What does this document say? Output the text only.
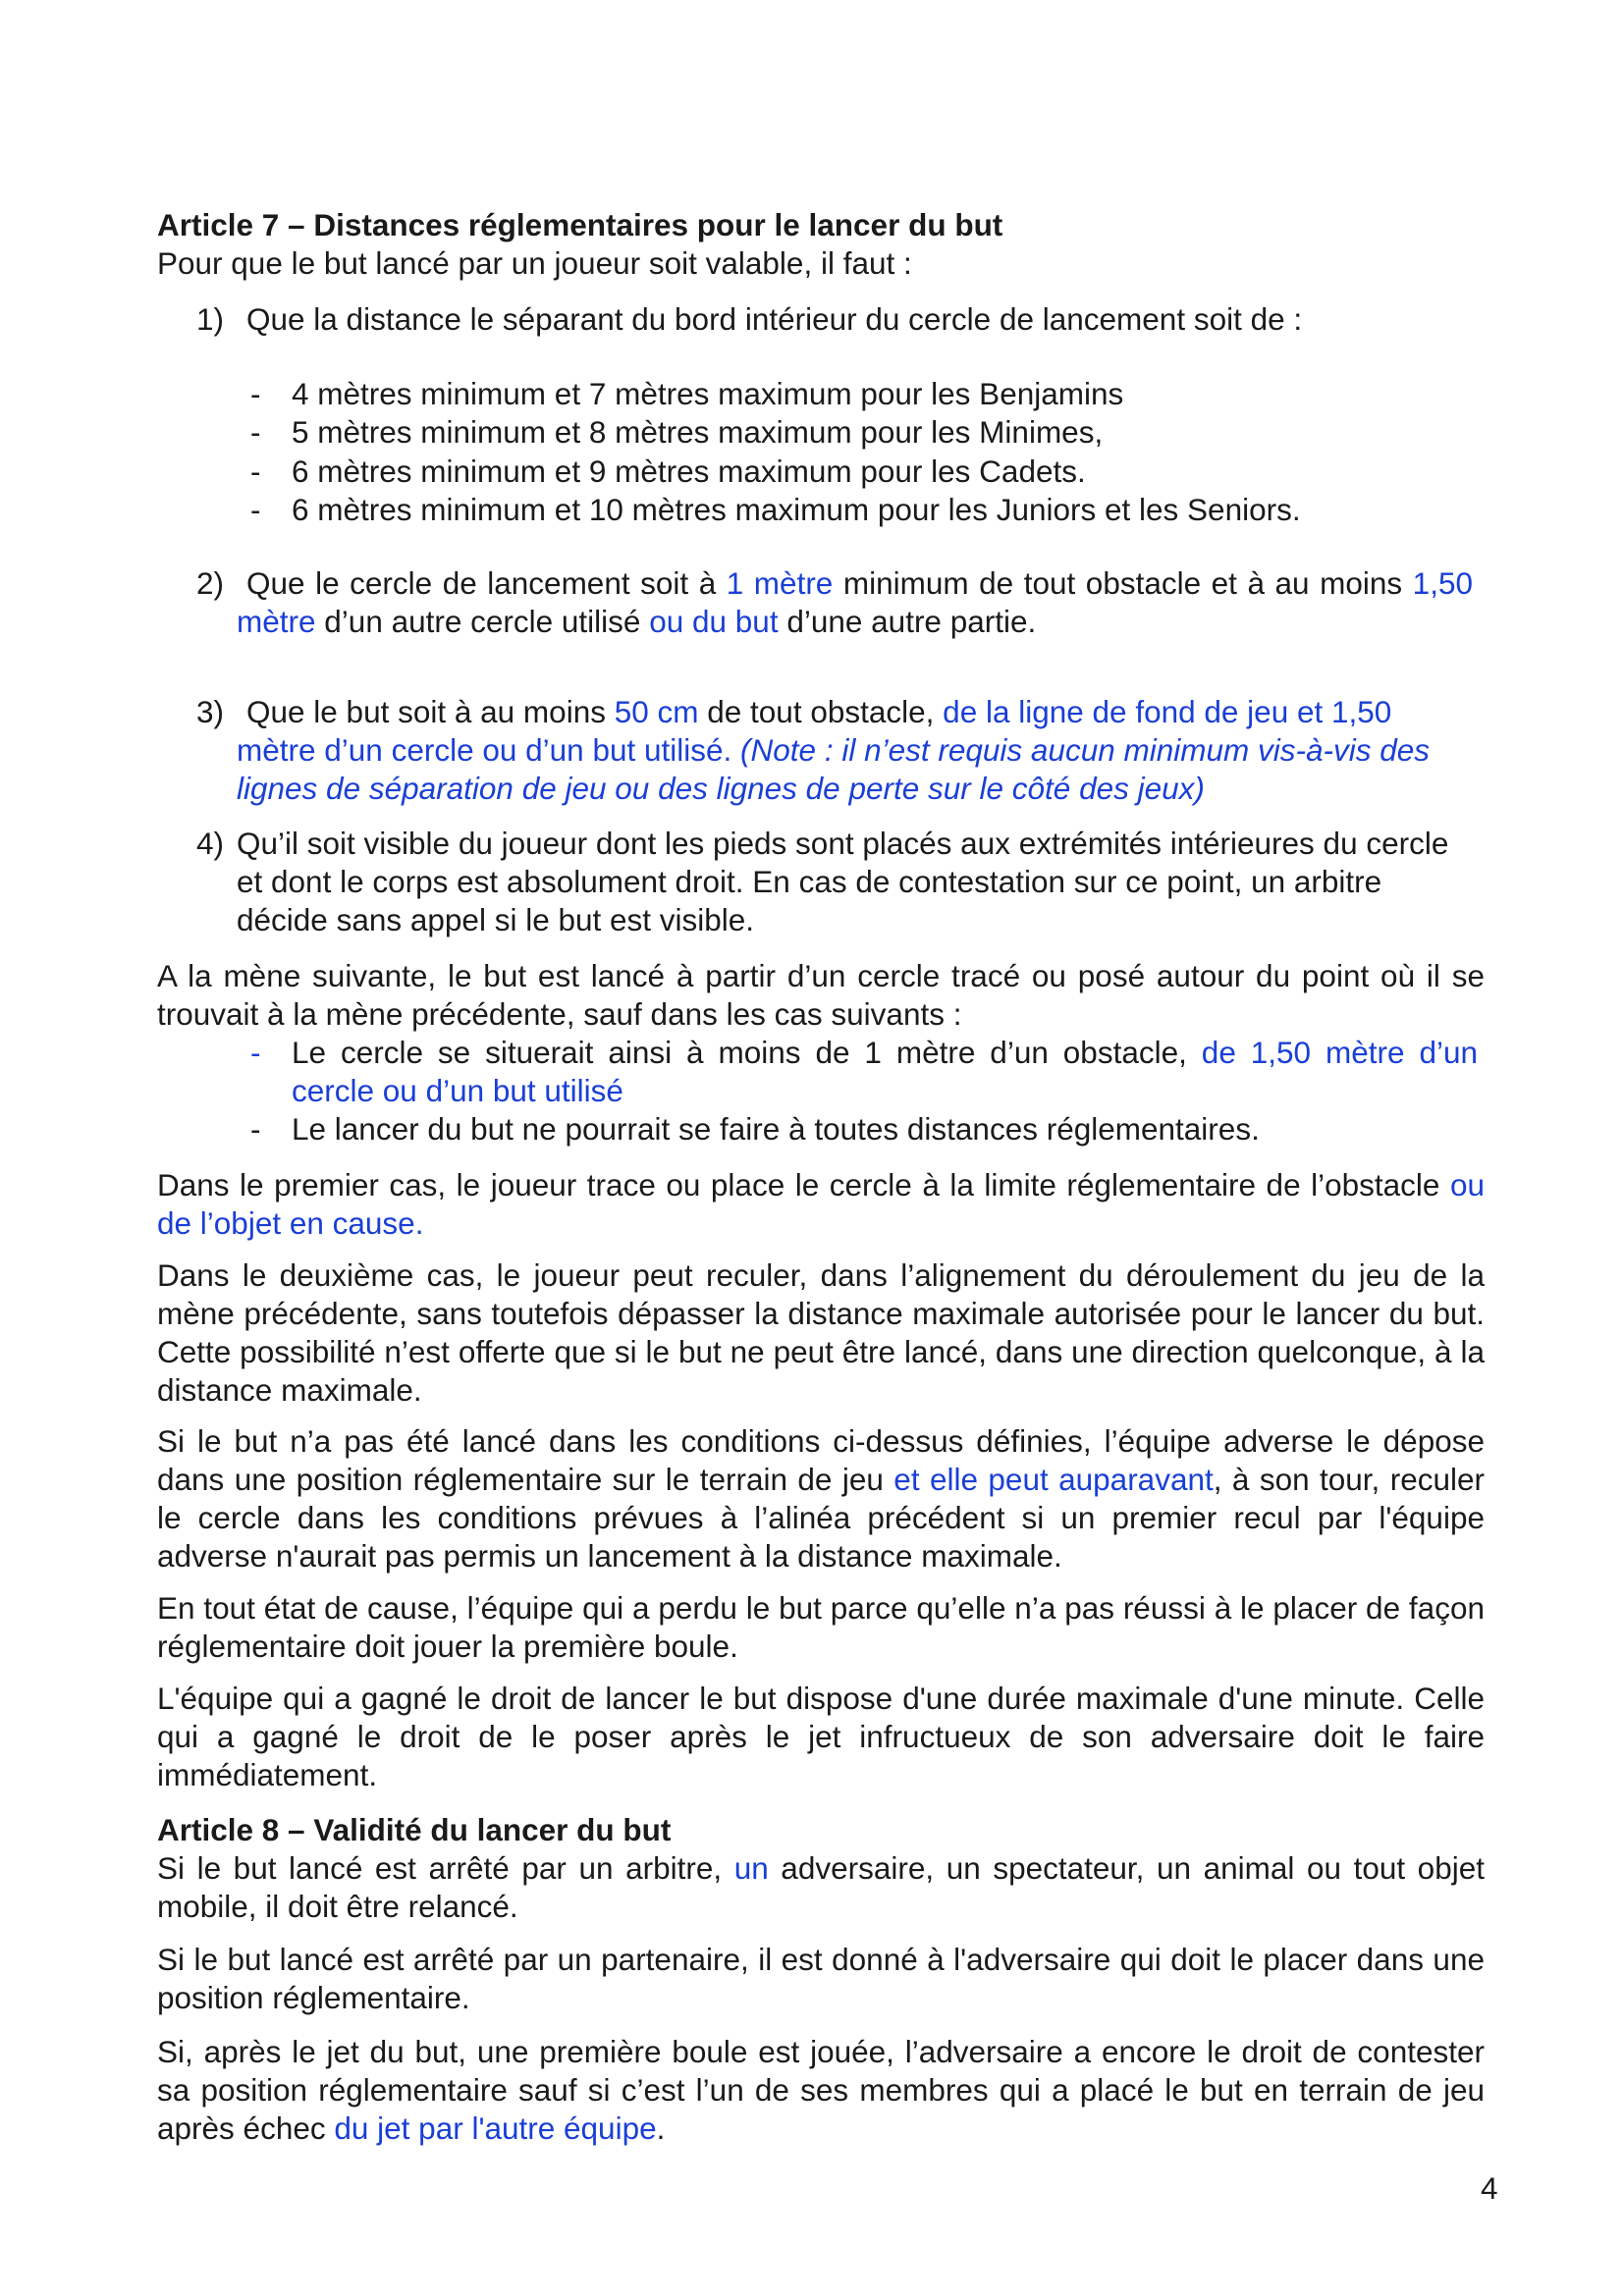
Article 7 – Distances réglementaires pour le lancer du but
Pour que le but lancé par un joueur soit valable, il faut :
1) Que la distance le séparant du bord intérieur du cercle de lancement soit de :
- 4 mètres minimum et 7 mètres maximum pour les Benjamins
- 5 mètres minimum et 8 mètres maximum pour les Minimes,
- 6 mètres minimum et 9 mètres maximum pour les Cadets.
- 6 mètres minimum et 10 mètres maximum pour les Juniors et les Seniors.
2) Que le cercle de lancement soit à 1 mètre minimum de tout obstacle et à au moins 1,50 mètre d’un autre cercle utilisé ou du but d’une autre partie.
3) Que le but soit à au moins 50 cm de tout obstacle, de la ligne de fond de jeu et 1,50 mètre d’un cercle ou d’un but utilisé. (Note : il n’est requis aucun minimum vis-à-vis des lignes de séparation de jeu ou des lignes de perte sur le côté des jeux)
4) Qu’il soit visible du joueur dont les pieds sont placés aux extrémités intérieures du cercle et dont le corps est absolument droit. En cas de contestation sur ce point, un arbitre décide sans appel si le but est visible.

A la mène suivante, le but est lancé à partir d’un cercle tracé ou posé autour du point où il se trouvait à la mène précédente, sauf dans les cas suivants :

- Le cercle se situerait ainsi à moins de 1 mètre d’un obstacle, de 1,50 mètre d’un cercle ou d’un but utilisé
- Le lancer du but ne pourrait se faire à toutes distances réglementaires.

Dans le premier cas, le joueur trace ou place le cercle à la limite réglementaire de l’obstacle ou de l’objet en cause.

Dans le deuxième cas, le joueur peut reculer, dans l’alignement du déroulement du jeu de la mène précédente, sans toutefois dépasser la distance maximale autorisée pour le lancer du but. Cette possibilité n’est offerte que si le but ne peut être lancé, dans une direction quelconque, à la distance maximale.

Si le but n’a pas été lancé dans les conditions ci-dessus définies, l’équipe adverse le dépose dans une position réglementaire sur le terrain de jeu et elle peut auparavant, à son tour, reculer le cercle dans les conditions prévues à l’alinéa précédent si un premier recul par l'équipe adverse n'aurait pas permis un lancement à la distance maximale.

En tout état de cause, l’équipe qui a perdu le but parce qu’elle n’a pas réussi à le placer de façon réglementaire doit jouer la première boule.

L'équipe qui a gagné le droit de lancer le but dispose d'une durée maximale d'une minute. Celle qui a gagné le droit de le poser après le jet infructueux de son adversaire doit le faire immédiatement.

Article 8 – Validité du lancer du but

Si le but lancé est arrêté par un arbitre, un adversaire, un spectateur, un animal ou tout objet mobile, il doit être relancé.

Si le but lancé est arrêté par un partenaire, il est donné à l'adversaire qui doit le placer dans une position réglementaire.

Si, après le jet du but, une première boule est jouée, l’adversaire a encore le droit de contester sa position réglementaire sauf si c’est l’un de ses membres qui a placé le but en terrain de jeu après échec du jet par l'autre équipe.

4
